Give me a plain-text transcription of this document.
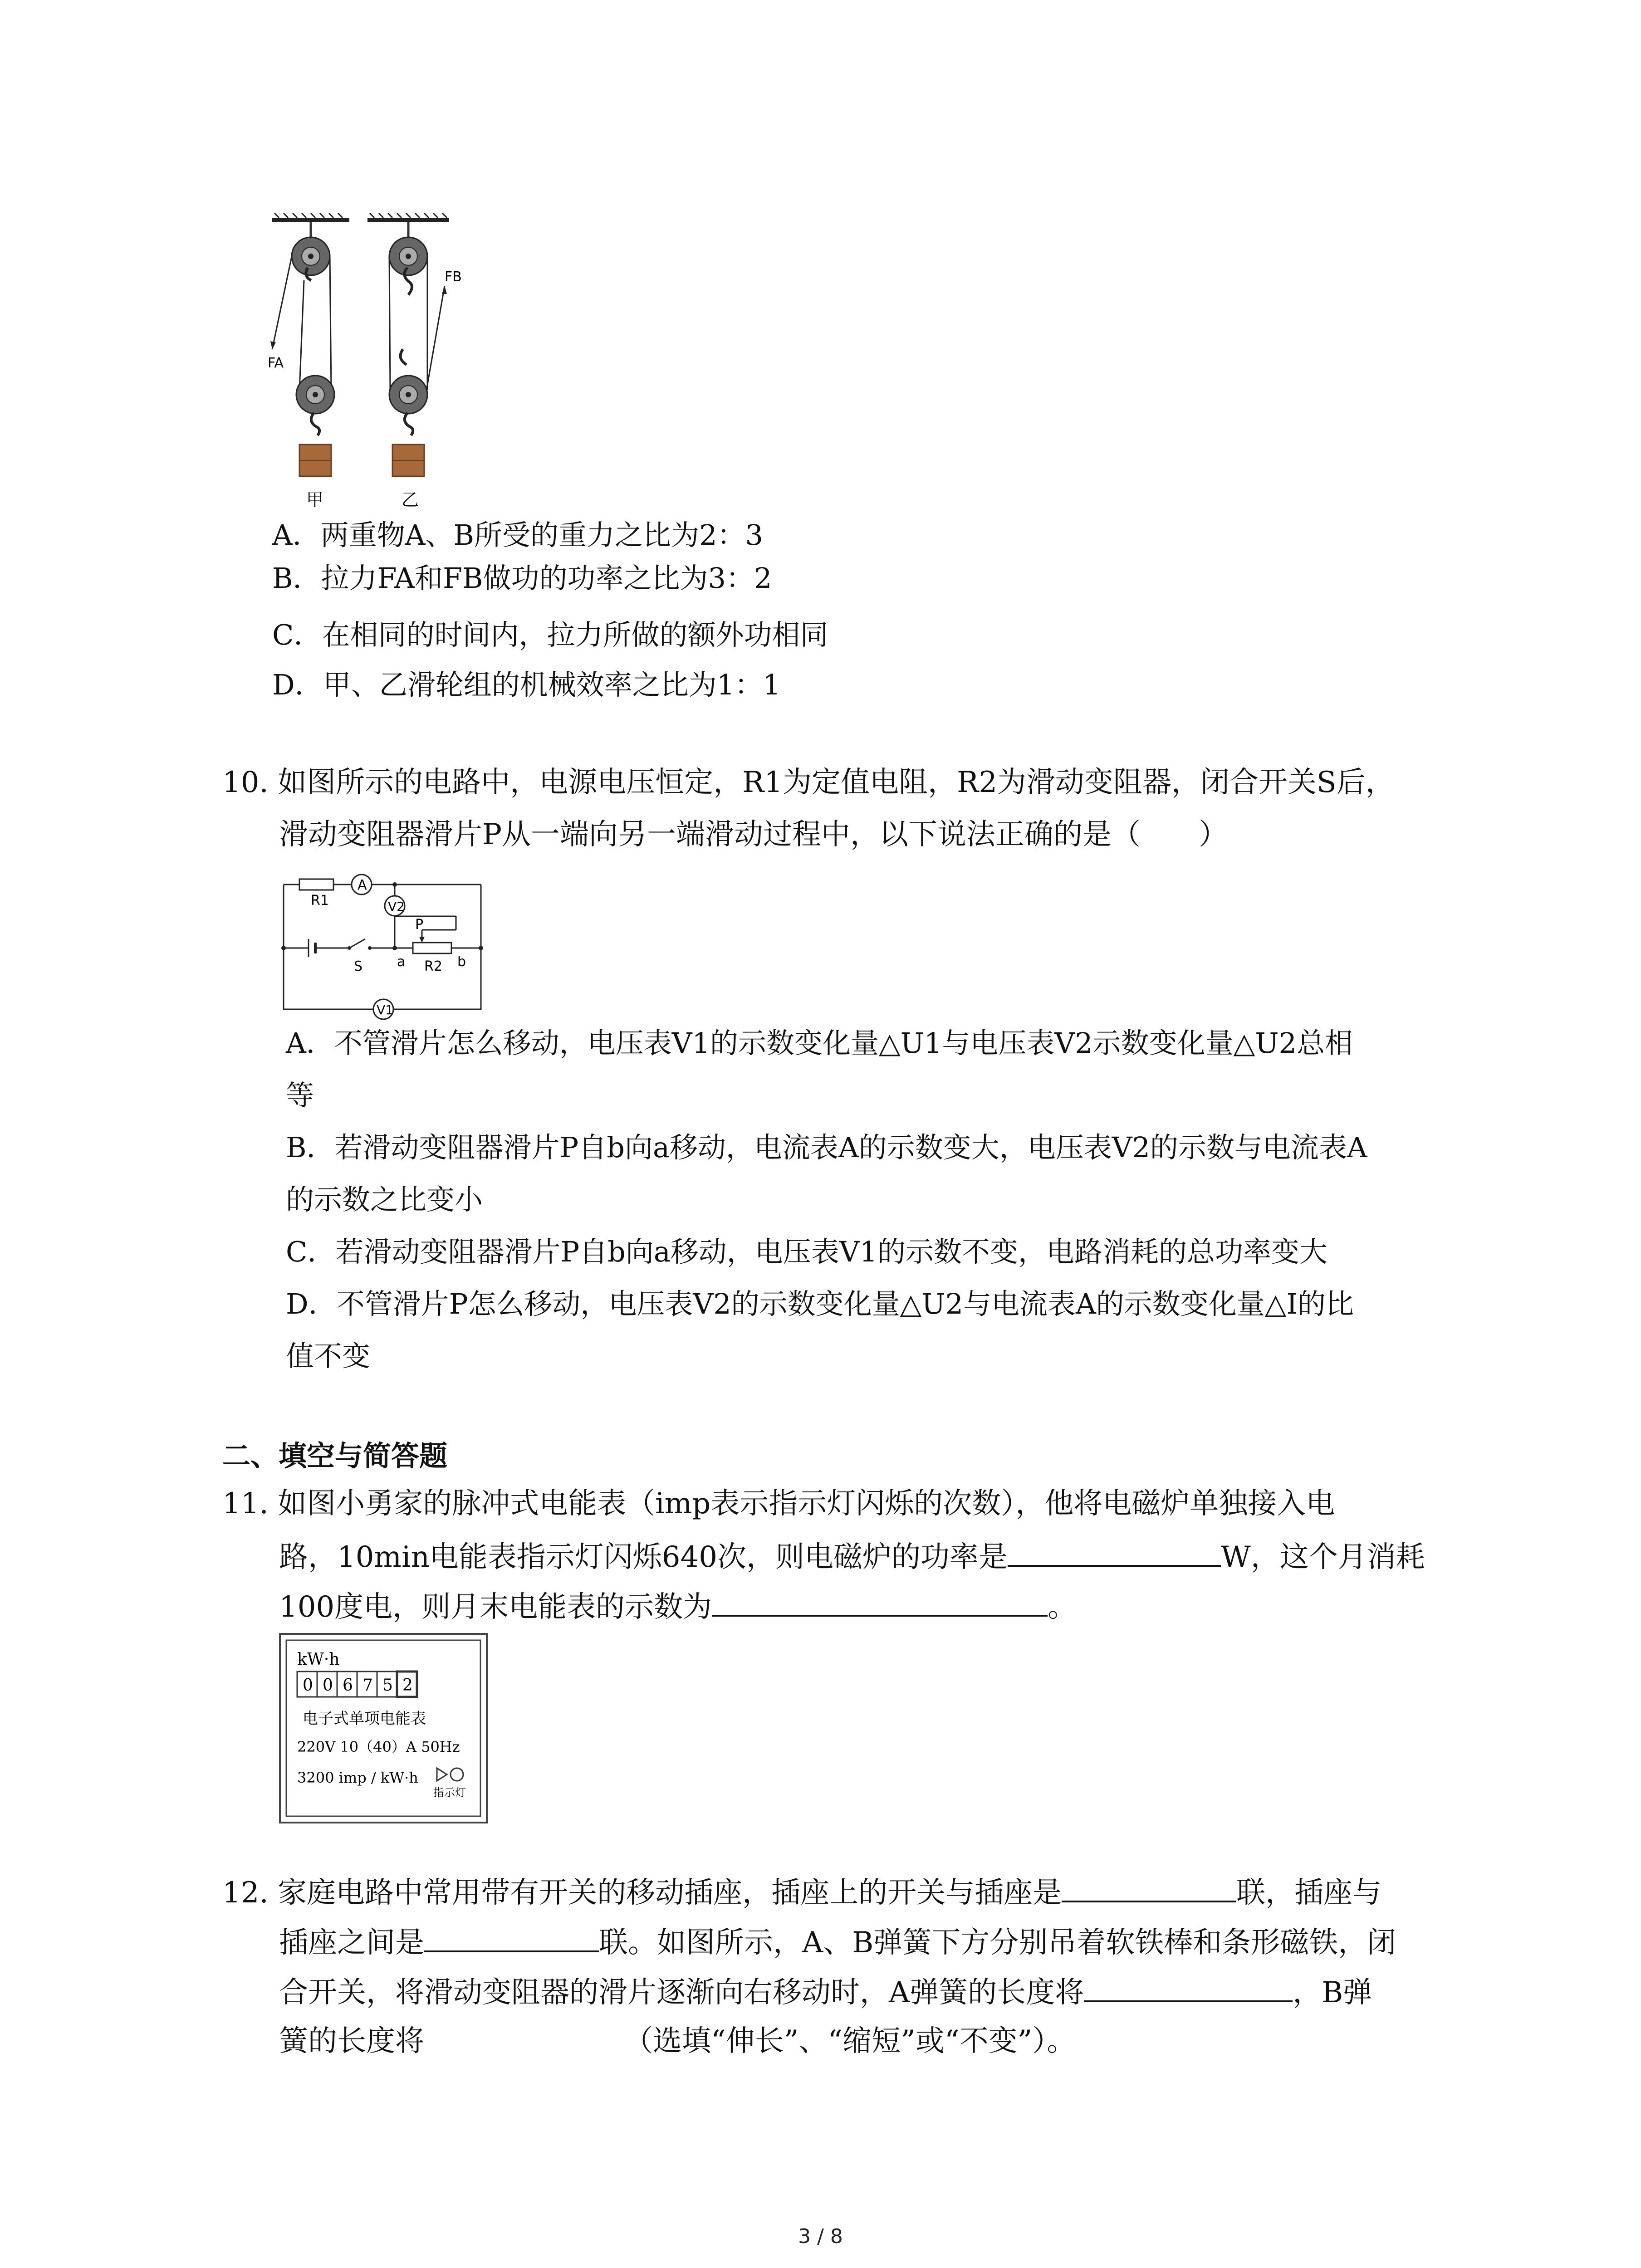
FA
FB
甲	乙
A．两重物A、B所受的重力之比为2：3
B．拉力FA和FB做功的功率之比为3：2
C．在相同的时间内，拉力所做的额外功相同
D．甲、乙滑轮组的机械效率之比为1：1
10. 如图所示的电路中，电源电压恒定，R1为定值电阻，R2为滑动变阻器，闭合开关S后，
滑动变阻器滑片P从一端向另一端滑动过程中，以下说法正确的是（　　）
R1
A
V2
P
S	a R2 b
V1
A．不管滑片怎么移动，电压表V1的示数变化量△U1与电压表V2示数变化量△U2总相
等
B．若滑动变阻器滑片P自b向a移动，电流表A的示数变大，电压表V2的示数与电流表A
的示数之比变小
C．若滑动变阻器滑片P自b向a移动，电压表V1的示数不变，电路消耗的总功率变大
D．不管滑片P怎么移动，电压表V2的示数变化量△U2与电流表A的示数变化量△I的比
值不变
二、填空与简答题
11. 如图小勇家的脉冲式电能表（imp表示指示灯闪烁的次数），他将电磁炉单独接入电
路，10min电能表指示灯闪烁640次，则电磁炉的功率是	W，这个月消耗
100度电，则月末电能表的示数为	。
kW·h
0 0 6 7 5 2
电子式单项电能表
220V 10（40）A 50Hz
3200 imp / kW·h
指示灯
12. 家庭电路中常用带有开关的移动插座，插座上的开关与插座是	联，插座与
插座之间是	联。如图所示，A、B弹簧下方分别吊着软铁棒和条形磁铁，闭
合开关，将滑动变阻器的滑片逐渐向右移动时，A弹簧的长度将	，B弹
簧的长度将	（选填“伸长”、“缩短”或“不变”）。
3 / 8
